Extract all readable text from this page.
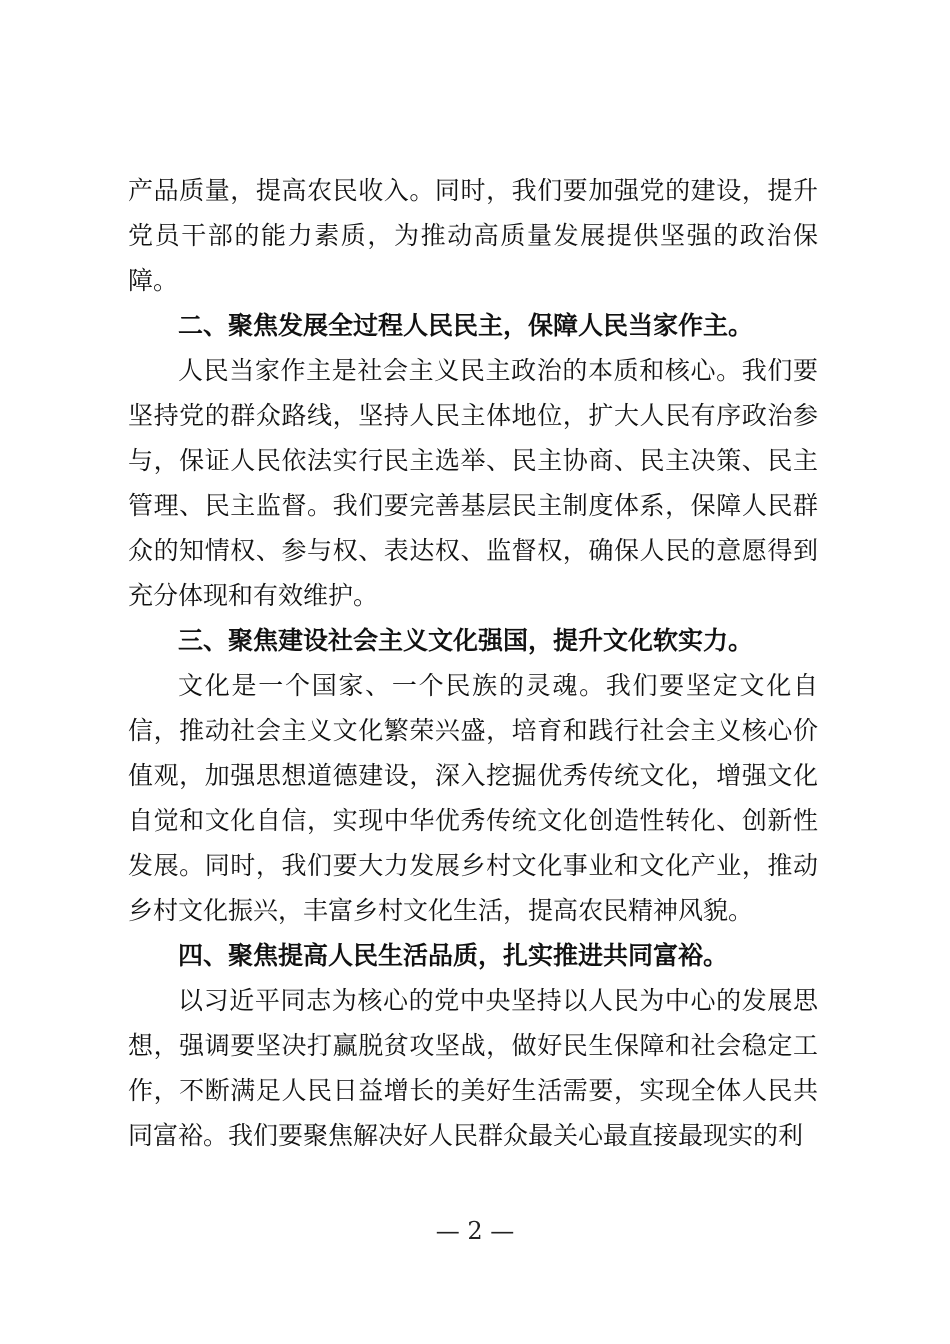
产品质量，提高农民收入。同时，我们要加强党的建设，提升党员干部的能力素质，为推动高质量发展提供坚强的政治保障。

二、聚焦发展全过程人民民主，保障人民当家作主。

人民当家作主是社会主义民主政治的本质和核心。我们要坚持党的群众路线，坚持人民主体地位，扩大人民有序政治参与，保证人民依法实行民主选举、民主协商、民主决策、民主管理、民主监督。我们要完善基层民主制度体系，保障人民群众的知情权、参与权、表达权、监督权，确保人民的意愿得到充分体现和有效维护。

三、聚焦建设社会主义文化强国，提升文化软实力。

文化是一个国家、一个民族的灵魂。我们要坚定文化自信，推动社会主义文化繁荣兴盛，培育和践行社会主义核心价值观，加强思想道德建设，深入挖掘优秀传统文化，增强文化自觉和文化自信，实现中华优秀传统文化创造性转化、创新性发展。同时，我们要大力发展乡村文化事业和文化产业，推动乡村文化振兴，丰富乡村文化生活，提高农民精神风貌。

四、聚焦提高人民生活品质，扎实推进共同富裕。

以习近平同志为核心的党中央坚持以人民为中心的发展思想，强调要坚决打赢脱贫攻坚战，做好民生保障和社会稳定工作，不断满足人民日益增长的美好生活需要，实现全体人民共同富裕。我们要聚焦解决好人民群众最关心最直接最现实的利

— 2 —
